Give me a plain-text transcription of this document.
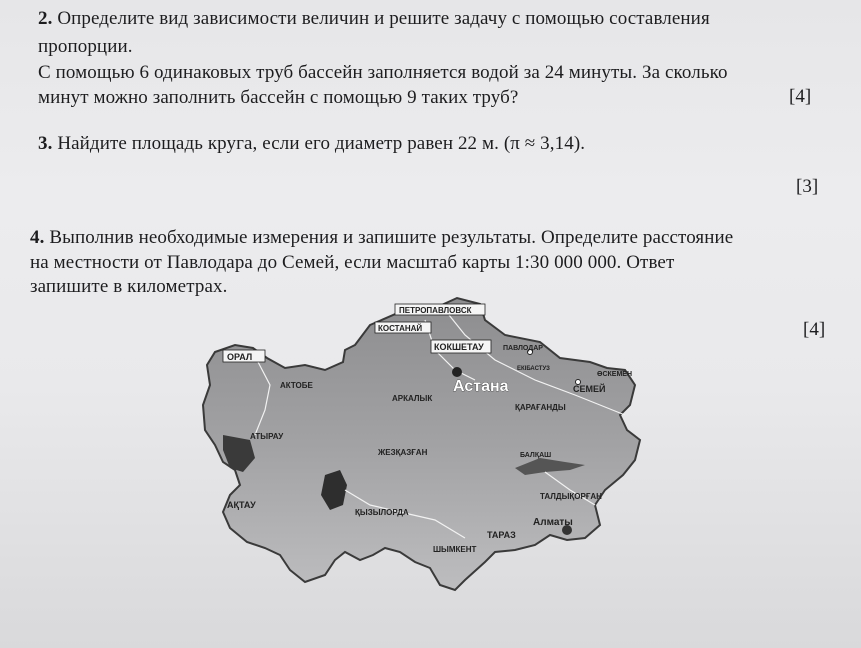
2. Определите вид зависимости величин и решите задачу с помощью составления
пропорции.
С помощью 6 одинаковых труб бассейн заполняется водой за 24 минуты. За сколько
минут можно заполнить бассейн с помощью 9 таких труб?	[4]
3. Найдите площадь круга, если его диаметр равен 22 м. (π ≈ 3,14).
[3]
4. Выполнив необходимые измерения и запишите результаты. Определите расстояние
на местности от Павлодара до Семей, если масштаб карты 1:30 000 000. Ответ
запишите в километрах.
[4]
ПЕТРОПАВЛОВСК
КОСТАНАЙ
КОКШЕТАУ	ПАВЛОДАР
ОРАЛ
АКТОБЕ
ЕКІБАСТУЗ
ӨСКЕМЕН
Астана	СЕМЕЙ
АРКАЛЫК
ҚАРАҒАНДЫ
АТЫРАУ
ЖЕЗҚАЗҒАН	БАЛҚАШ
АҚТАУ
ТАЛДЫҚОРҒАН
ҚЫЗЫЛОРДА
Алматы
ТАРАЗ
ШЫМКЕНТ
